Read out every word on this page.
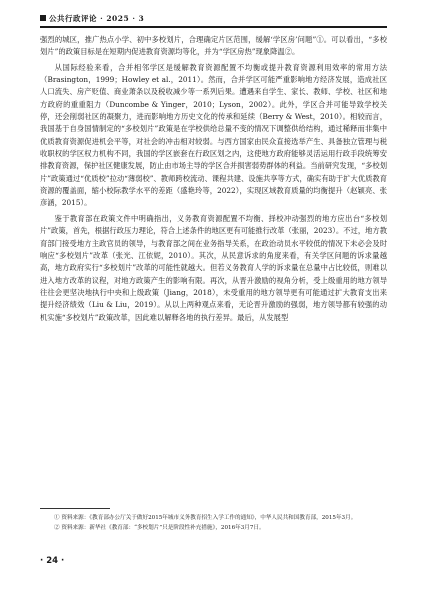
公共行政评论 · 2025 · 3

强烈的城区，推广热点小学、初中多校划片，合理确定片区范围，缓解‘学区房’问题”①。可以看出，“多校划片”的政策目标是在短期内促进教育资源均等化，并为“学区房热”现象降温②。

从国际经验来看，合并相邻学区是缓解教育资源配置不均衡或提升教育资源利用效率的常用方法（Brasington，1999；Howley et al.，2011）。然而，合并学区可能严重影响地方经济发展，造成社区人口流失、房产贬值、商业萧条以及税收减少等一系列后果。遭遇来自学生、家长、教师、学校、社区和地方政府的重重阻力（Duncombe & Yinger，2010；Lyson，2002）。此外，学区合并可能导致学校关停，还会削弱社区的凝聚力，进而影响地方历史文化的传承和延续（Berry & West，2010）。相较而言，我国基于自身国情制定的“多校划片”政策是在学校供给总量不变的情况下调整供给结构，通过稀释而非集中优质教育资源促进机会平等，对社会的冲击相对较弱。与西方国家由民众直接选举产生、具备独立管理与税收职权的学区权力机构不同，我国的学区嵌套在行政区划之内，这使地方政府能够灵活运用行政手段统筹安排教育资源，保护社区健康发展，防止由市场主导的学区合并损害弱势群体的利益。当前研究发现，“多校划片”政策通过“优质校”拉动“薄弱校”、教师跨校流动、课程共建、设施共享等方式，确实有助于扩大优质教育资源的覆盖面，缩小校际教学水平的差距（盛艳玲等，2022），实现区域教育质量的均衡提升（赵颖亮、张彦涵，2015）。

鉴于教育部在政策文件中明确指出，义务教育资源配置不均衡、择校冲动强烈的地方应出台“多校划片”政策，首先，根据行政压力理论，符合上述条件的地区更有可能推行改革（张丽，2023）。不过，地方教育部门接受地方主政官员的领导，与教育部之间在业务指导关系，在政治动员水平较低的情况下未必会及时响应“多校划片”改革（张光、江依妮，2010）。其次，从民意诉求的角度来看，有关学区问题的诉求量越高，地方政府实行“多校划片”改革的可能性就越大。但若义务教育人学的诉求量在总量中占比较低，则难以进入地方改革的议程，对地方政策产生的影响有限。再次，从晋升激励的视角分析，受上级重用的地方领导往往会更坚决地执行中央和上级政策（Jiang，2018），未受重用的地方领导更有可能通过扩大教育支出来提升经济绩效（Liu & Liu，2019）。从以上两种观点来看，无论晋升激励的强弱，地方领导都有较强的动机实施“多校划片”政策改革，因此难以解释各地的执行差异。最后，从发展型

① 资料来源：《教育部办公厅关于做好2015年城市义务教育招生入学工作的通知》，中华人民共和国教育部，2015年3月。

② 资料来源：新华社《教育部：“多校划片”只是阶段性补充措施》，2016年3月7日。

· 24 ·
